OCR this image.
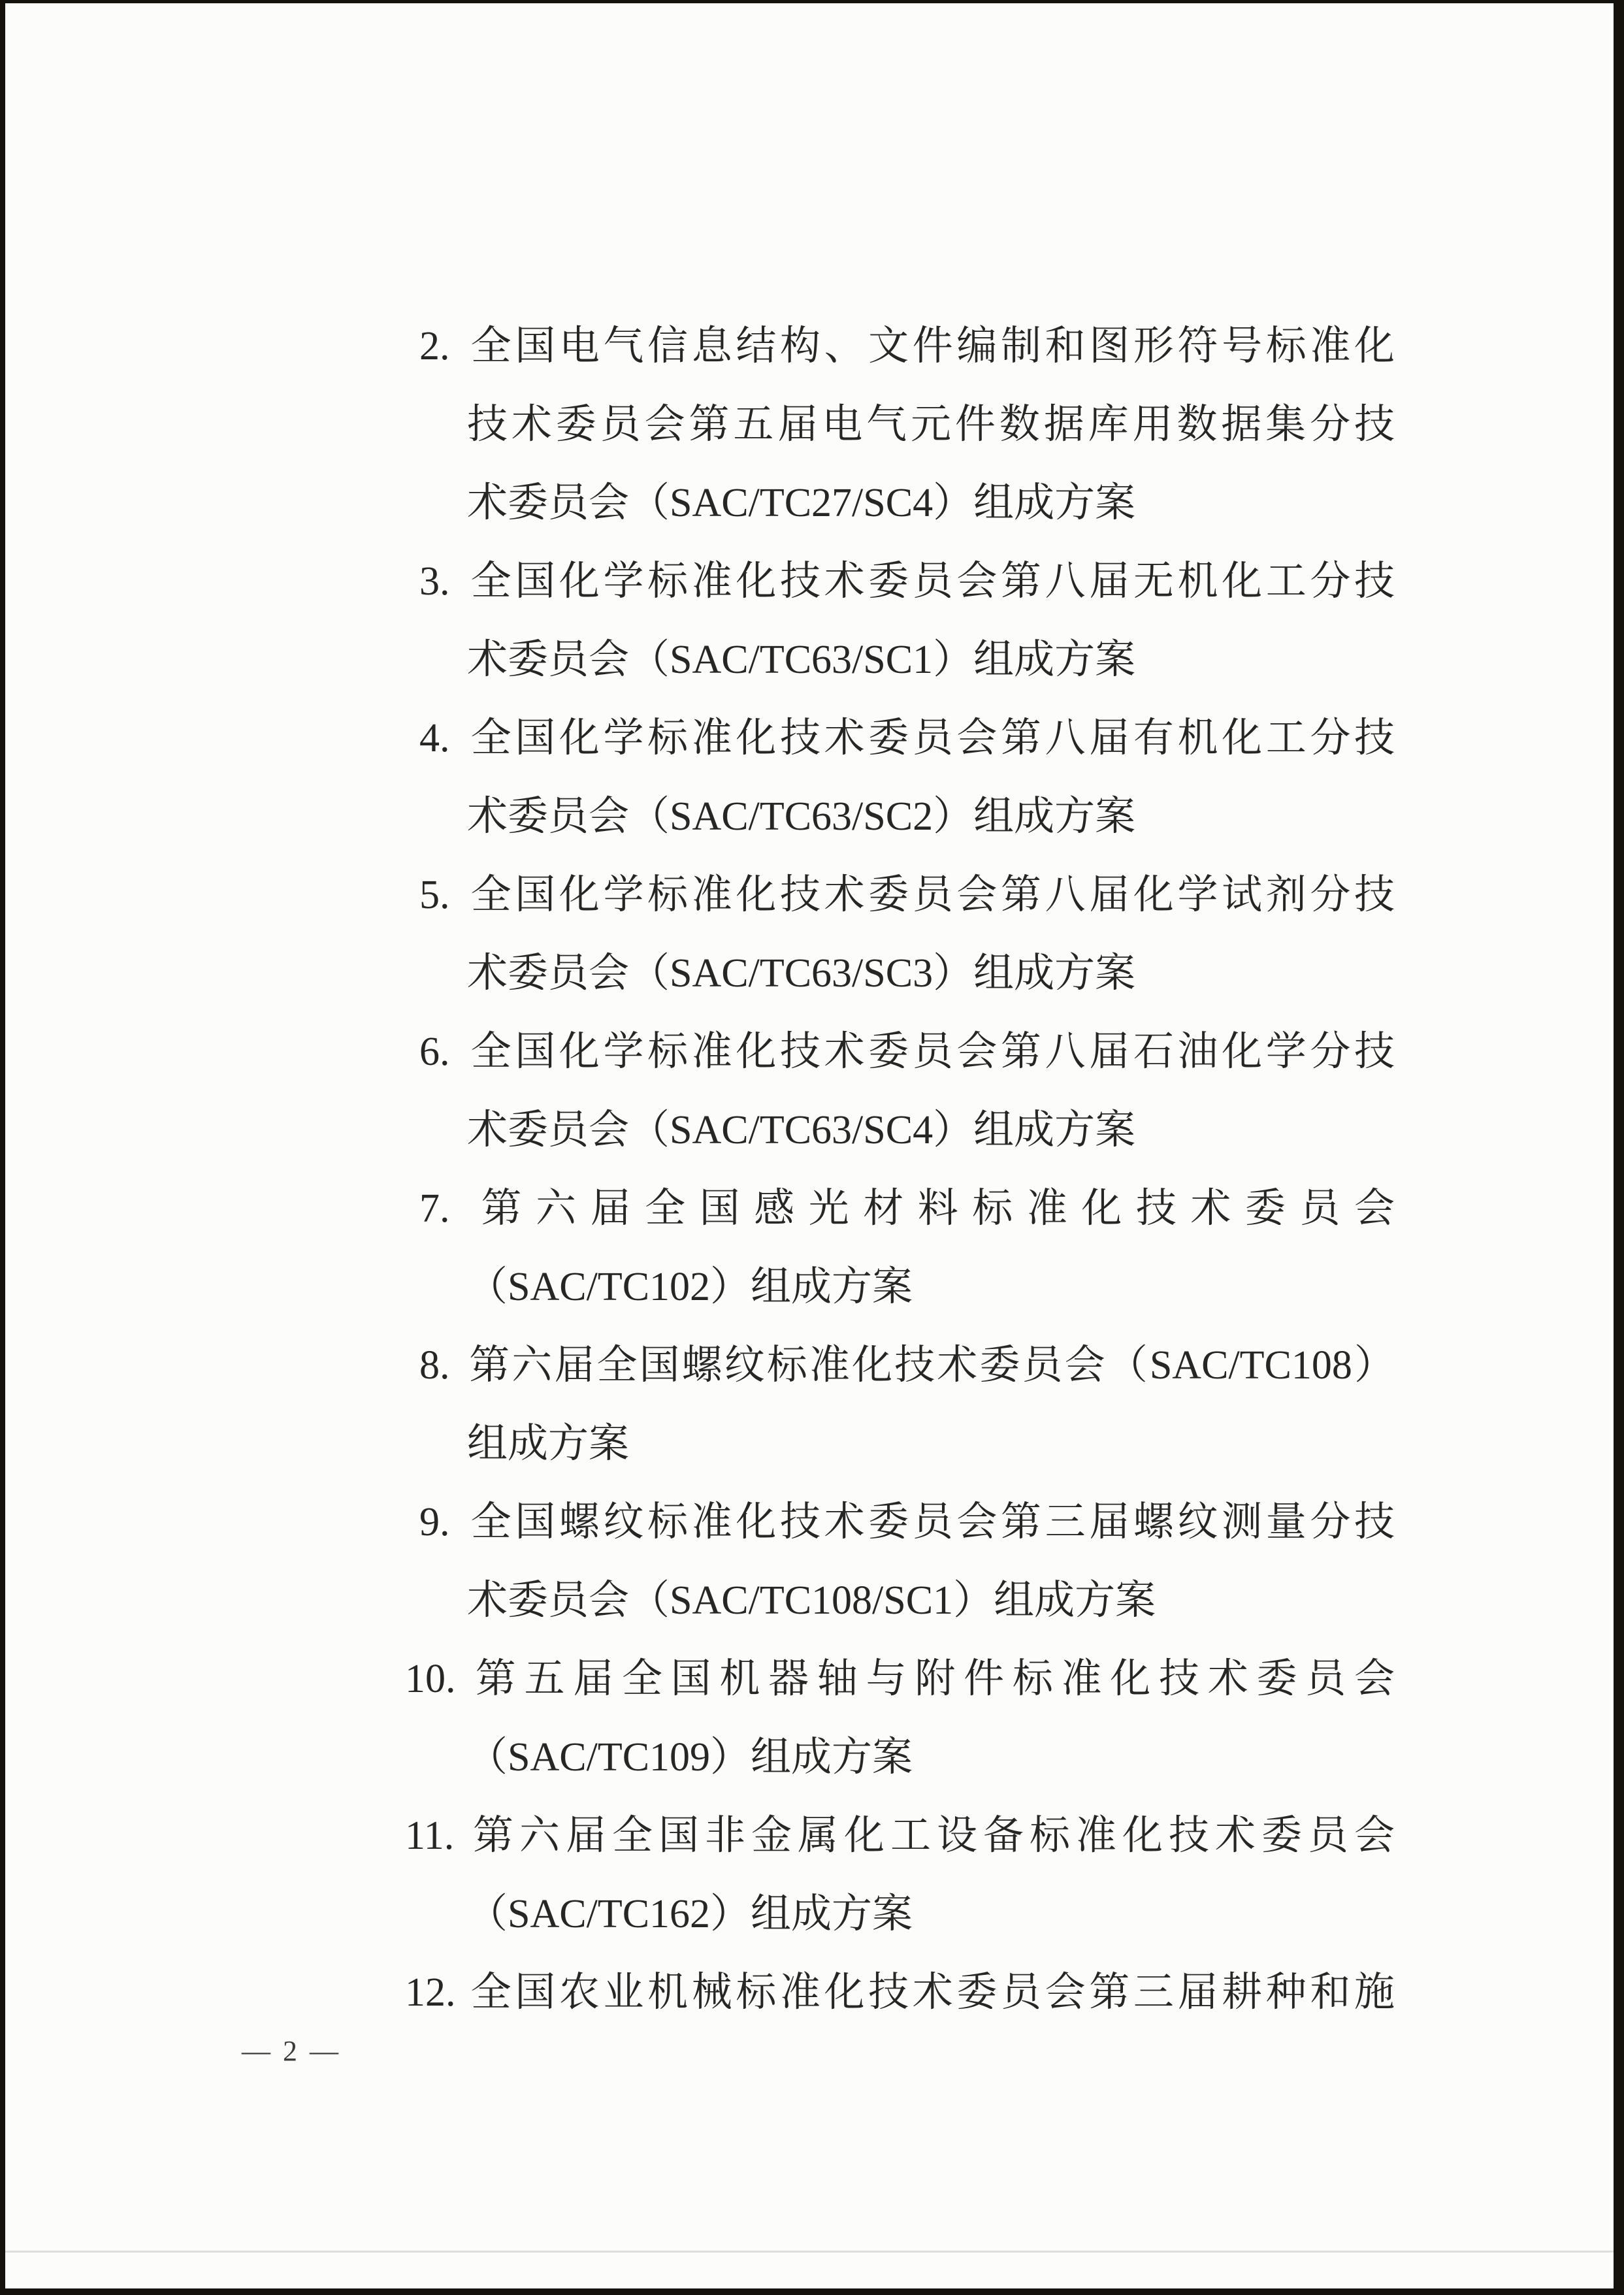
2. 全国电气信息结构、文件编制和图形符号标准化
技术委员会第五届电气元件数据库用数据集分技
术委员会（SAC/TC27/SC4）组成方案
3. 全国化学标准化技术委员会第八届无机化工分技
术委员会（SAC/TC63/SC1）组成方案
4. 全国化学标准化技术委员会第八届有机化工分技
术委员会（SAC/TC63/SC2）组成方案
5. 全国化学标准化技术委员会第八届化学试剂分技
术委员会（SAC/TC63/SC3）组成方案
6. 全国化学标准化技术委员会第八届石油化学分技
术委员会（SAC/TC63/SC4）组成方案
7. 第六届全国感光材料标准化技术委员会
（SAC/TC102）组成方案
8. 第六届全国螺纹标准化技术委员会（SAC/TC108）
组成方案
9. 全国螺纹标准化技术委员会第三届螺纹测量分技
术委员会（SAC/TC108/SC1）组成方案
10. 第五届全国机器轴与附件标准化技术委员会
（SAC/TC109）组成方案
11. 第六届全国非金属化工设备标准化技术委员会
（SAC/TC162）组成方案
12. 全国农业机械标准化技术委员会第三届耕种和施
— 2 —
